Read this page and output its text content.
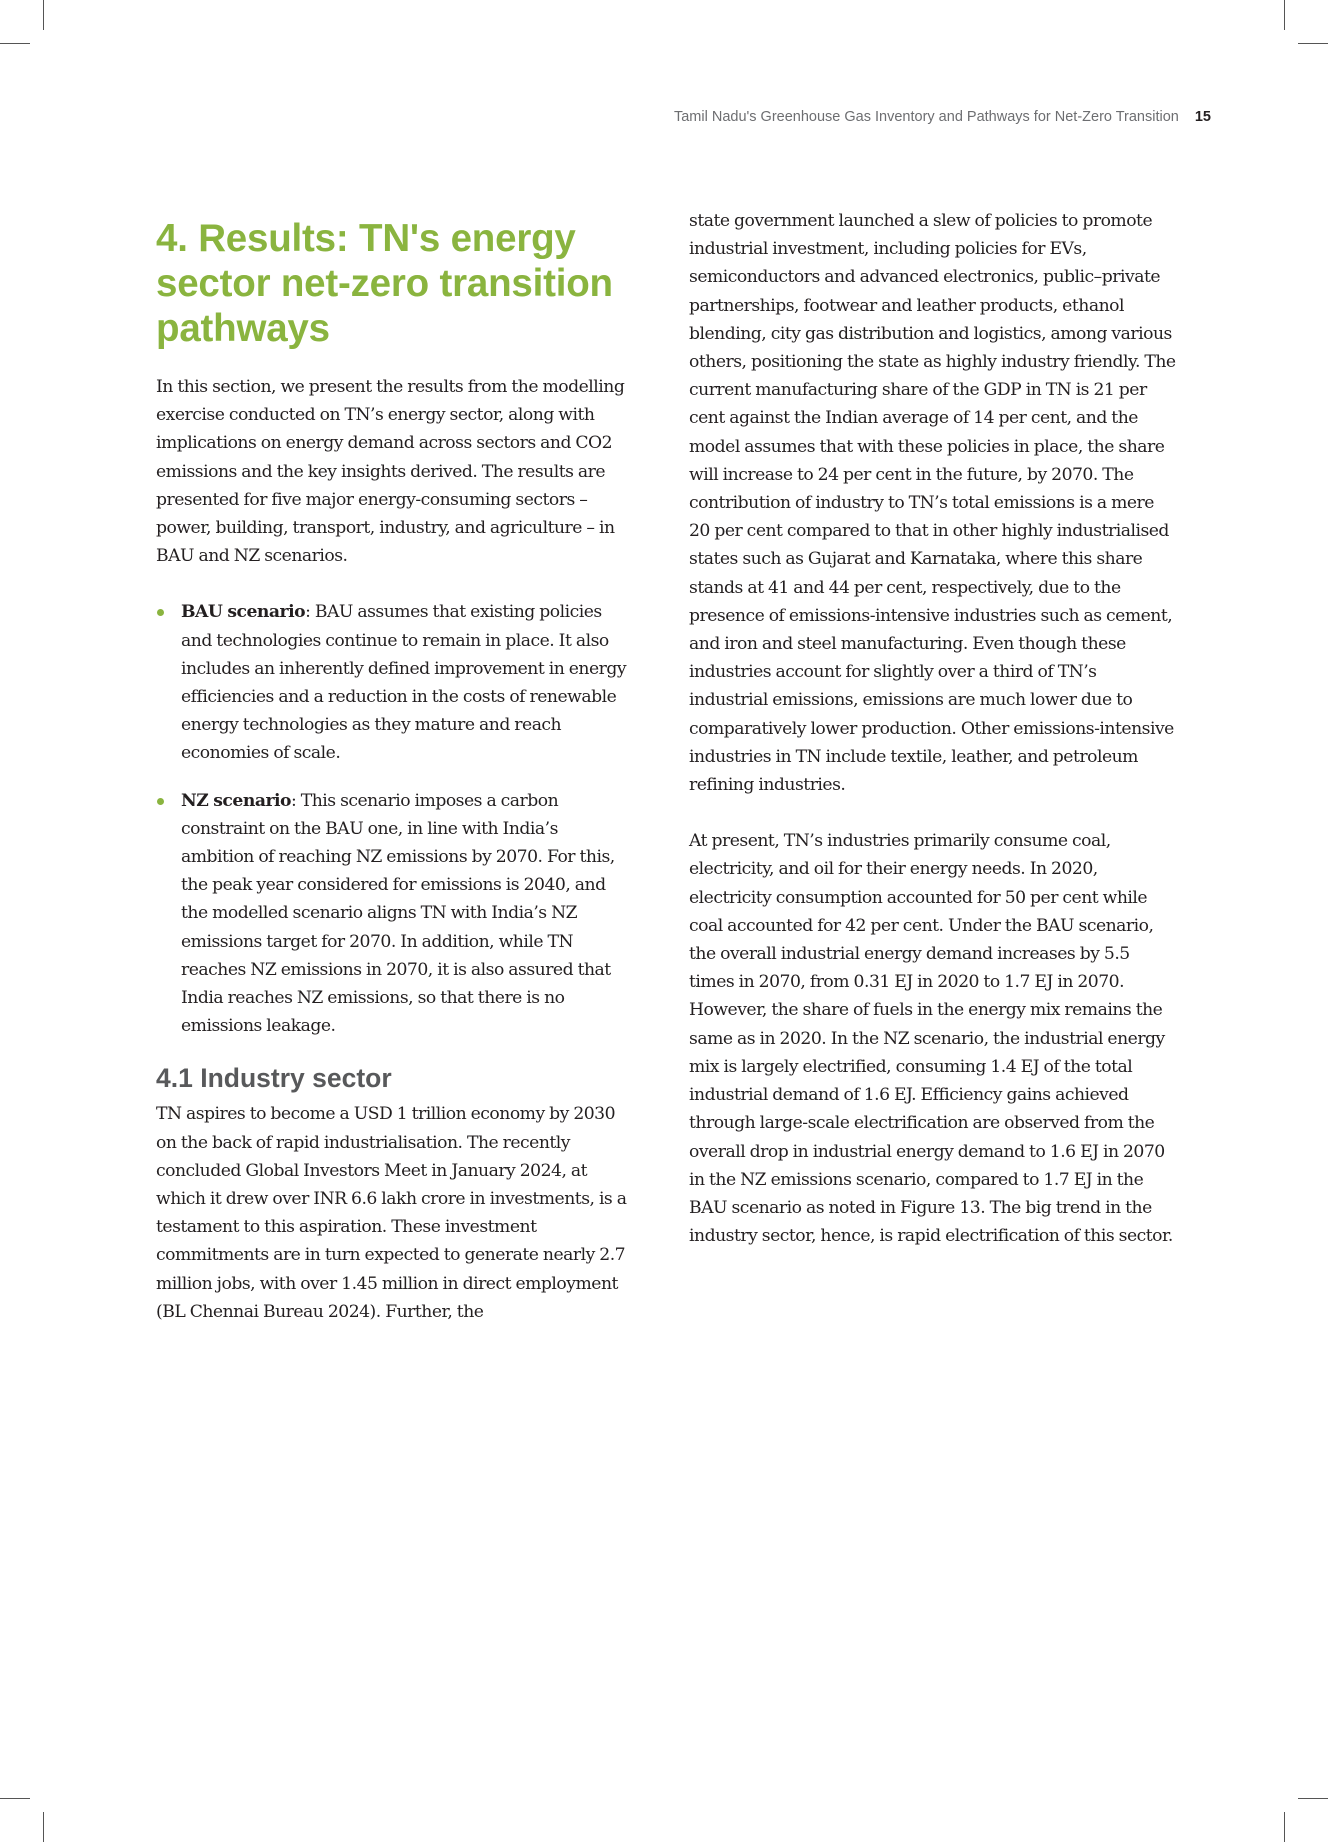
Tamil Nadu's Greenhouse Gas Inventory and Pathways for Net-Zero Transition 15
4. Results: TN's energy sector net-zero transition pathways

In this section, we present the results from the modelling exercise conducted on TN’s energy sector, along with implications on energy demand across sectors and CO2 emissions and the key insights derived. The results are presented for five major energy-consuming sectors – power, building, transport, industry, and agriculture – in BAU and NZ scenarios.

BAU scenario: BAU assumes that existing policies and technologies continue to remain in place. It also includes an inherently defined improvement in energy efficiencies and a reduction in the costs of renewable energy technologies as they mature and reach economies of scale.

NZ scenario: This scenario imposes a carbon constraint on the BAU one, in line with India’s ambition of reaching NZ emissions by 2070. For this, the peak year considered for emissions is 2040, and the modelled scenario aligns TN with India’s NZ emissions target for 2070. In addition, while TN reaches NZ emissions in 2070, it is also assured that India reaches NZ emissions, so that there is no emissions leakage.

4.1 Industry sector

TN aspires to become a USD 1 trillion economy by 2030 on the back of rapid industrialisation. The recently concluded Global Investors Meet in January 2024, at which it drew over INR 6.6 lakh crore in investments, is a testament to this aspiration. These investment commitments are in turn expected to generate nearly 2.7 million jobs, with over 1.45 million in direct employment (BL Chennai Bureau 2024). Further, the

state government launched a slew of policies to promote industrial investment, including policies for EVs, semiconductors and advanced electronics, public–private partnerships, footwear and leather products, ethanol blending, city gas distribution and logistics, among various others, positioning the state as highly industry friendly. The current manufacturing share of the GDP in TN is 21 per cent against the Indian average of 14 per cent, and the model assumes that with these policies in place, the share will increase to 24 per cent in the future, by 2070. The contribution of industry to TN’s total emissions is a mere 20 per cent compared to that in other highly industrialised states such as Gujarat and Karnataka, where this share stands at 41 and 44 per cent, respectively, due to the presence of emissions-intensive industries such as cement, and iron and steel manufacturing. Even though these industries account for slightly over a third of TN’s industrial emissions, emissions are much lower due to comparatively lower production. Other emissions-intensive industries in TN include textile, leather, and petroleum refining industries.

At present, TN’s industries primarily consume coal, electricity, and oil for their energy needs. In 2020, electricity consumption accounted for 50 per cent while coal accounted for 42 per cent. Under the BAU scenario, the overall industrial energy demand increases by 5.5 times in 2070, from 0.31 EJ in 2020 to 1.7 EJ in 2070. However, the share of fuels in the energy mix remains the same as in 2020. In the NZ scenario, the industrial energy mix is largely electrified, consuming 1.4 EJ of the total industrial demand of 1.6 EJ. Efficiency gains achieved through large-scale electrification are observed from the overall drop in industrial energy demand to 1.6 EJ in 2070 in the NZ emissions scenario, compared to 1.7 EJ in the BAU scenario as noted in Figure 13. The big trend in the industry sector, hence, is rapid electrification of this sector.
